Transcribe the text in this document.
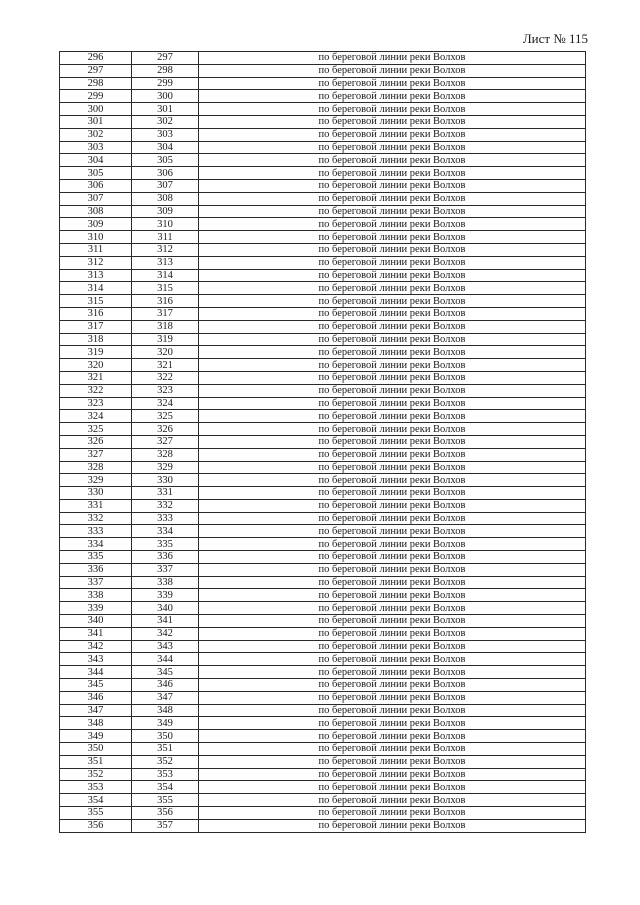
Лист № 115
296	297	по береговой линии реки Волхов
297	298	по береговой линии реки Волхов
298	299	по береговой линии реки Волхов
299	300	по береговой линии реки Волхов
300	301	по береговой линии реки Волхов
301	302	по береговой линии реки Волхов
302	303	по береговой линии реки Волхов
303	304	по береговой линии реки Волхов
304	305	по береговой линии реки Волхов
305	306	по береговой линии реки Волхов
306	307	по береговой линии реки Волхов
307	308	по береговой линии реки Волхов
308	309	по береговой линии реки Волхов
309	310	по береговой линии реки Волхов
310	311	по береговой линии реки Волхов
311	312	по береговой линии реки Волхов
312	313	по береговой линии реки Волхов
313	314	по береговой линии реки Волхов
314	315	по береговой линии реки Волхов
315	316	по береговой линии реки Волхов
316	317	по береговой линии реки Волхов
317	318	по береговой линии реки Волхов
318	319	по береговой линии реки Волхов
319	320	по береговой линии реки Волхов
320	321	по береговой линии реки Волхов
321	322	по береговой линии реки Волхов
322	323	по береговой линии реки Волхов
323	324	по береговой линии реки Волхов
324	325	по береговой линии реки Волхов
325	326	по береговой линии реки Волхов
326	327	по береговой линии реки Волхов
327	328	по береговой линии реки Волхов
328	329	по береговой линии реки Волхов
329	330	по береговой линии реки Волхов
330	331	по береговой линии реки Волхов
331	332	по береговой линии реки Волхов
332	333	по береговой линии реки Волхов
333	334	по береговой линии реки Волхов
334	335	по береговой линии реки Волхов
335	336	по береговой линии реки Волхов
336	337	по береговой линии реки Волхов
337	338	по береговой линии реки Волхов
338	339	по береговой линии реки Волхов
339	340	по береговой линии реки Волхов
340	341	по береговой линии реки Волхов
341	342	по береговой линии реки Волхов
342	343	по береговой линии реки Волхов
343	344	по береговой линии реки Волхов
344	345	по береговой линии реки Волхов
345	346	по береговой линии реки Волхов
346	347	по береговой линии реки Волхов
347	348	по береговой линии реки Волхов
348	349	по береговой линии реки Волхов
349	350	по береговой линии реки Волхов
350	351	по береговой линии реки Волхов
351	352	по береговой линии реки Волхов
352	353	по береговой линии реки Волхов
353	354	по береговой линии реки Волхов
354	355	по береговой линии реки Волхов
355	356	по береговой линии реки Волхов
356	357	по береговой линии реки Волхов
